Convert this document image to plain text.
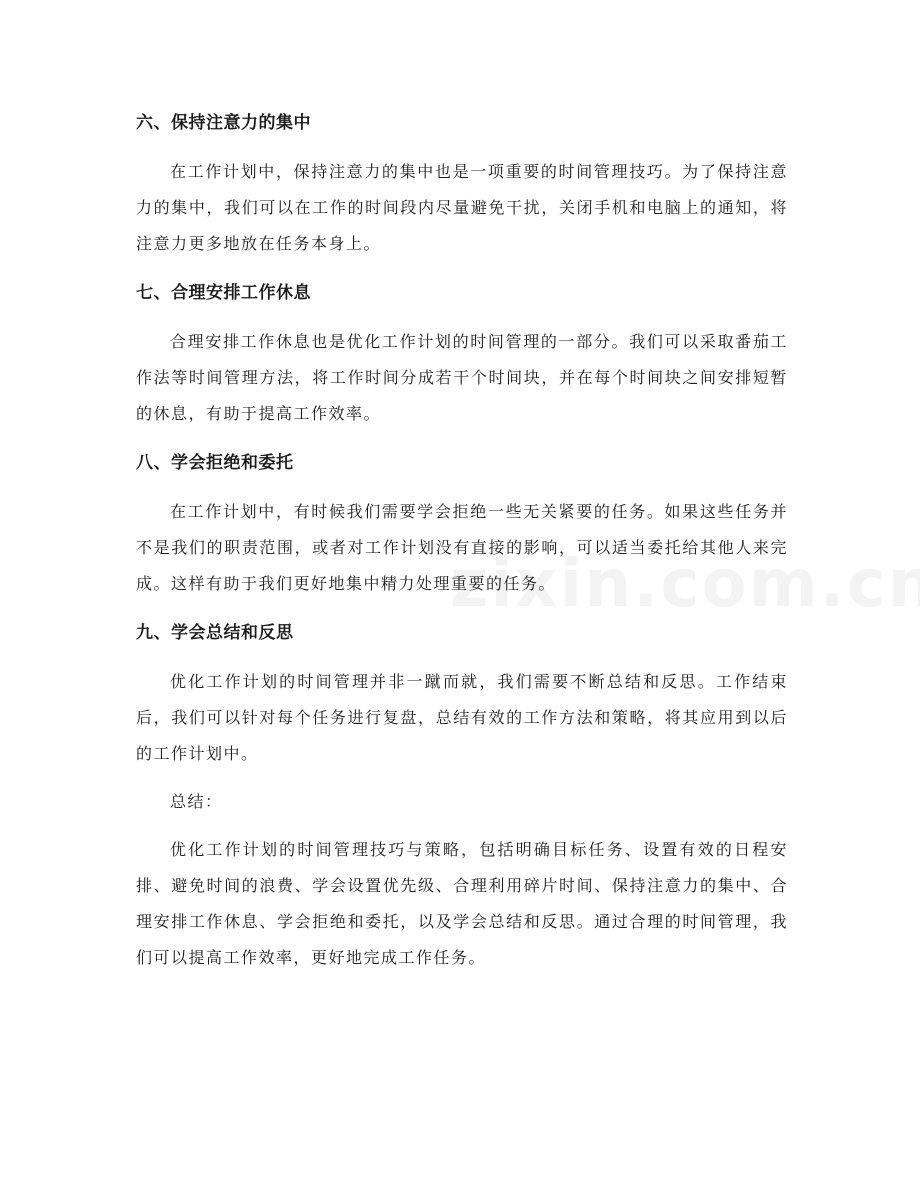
六、保持注意力的集中
在工作计划中，保持注意力的集中也是一项重要的时间管理技巧。为了保持注意力的集中，我们可以在工作的时间段内尽量避免干扰，关闭手机和电脑上的通知，将注意力更多地放在任务本身上。
七、合理安排工作休息
合理安排工作休息也是优化工作计划的时间管理的一部分。我们可以采取番茄工作法等时间管理方法，将工作时间分成若干个时间块，并在每个时间块之间安排短暂的休息，有助于提高工作效率。
八、学会拒绝和委托
在工作计划中，有时候我们需要学会拒绝一些无关紧要的任务。如果这些任务并不是我们的职责范围，或者对工作计划没有直接的影响，可以适当委托给其他人来完成。这样有助于我们更好地集中精力处理重要的任务。
九、学会总结和反思
优化工作计划的时间管理并非一蹴而就，我们需要不断总结和反思。工作结束后，我们可以针对每个任务进行复盘，总结有效的工作方法和策略，将其应用到以后的工作计划中。
总结：
优化工作计划的时间管理技巧与策略，包括明确目标任务、设置有效的日程安排、避免时间的浪费、学会设置优先级、合理利用碎片时间、保持注意力的集中、合理安排工作休息、学会拒绝和委托，以及学会总结和反思。通过合理的时间管理，我们可以提高工作效率，更好地完成工作任务。
